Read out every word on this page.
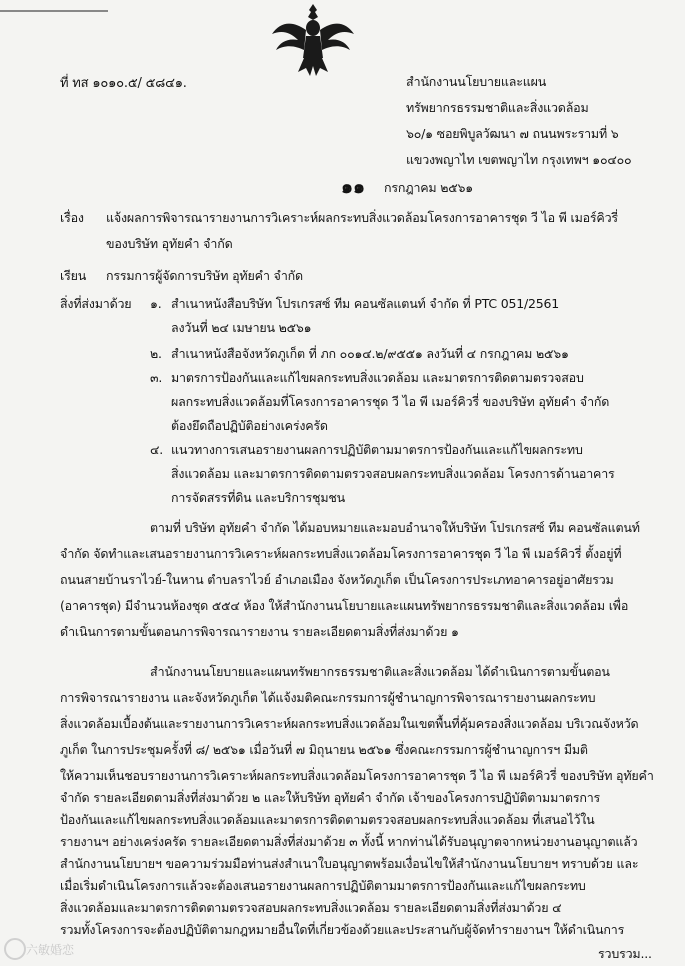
ที่ ทส ๑๐๑๐.๕/ ๕๘๔๑.	สำนักงานนโยบายและแผน
ทรัพยากรธรรมชาติและสิ่งแวดล้อม
๖๐/๑ ซอยพิบูลวัฒนา ๗ ถนนพระรามที่ ๖
แขวงพญาไท เขตพญาไท กรุงเทพฯ ๑๐๔๐๐
๑๑ กรกฎาคม ๒๕๖๑
เรื่อง แจ้งผลการพิจารณารายงานการวิเคราะห์ผลกระทบสิ่งแวดล้อมโครงการอาคารชุด วี ไอ พี เมอร์คิวรี่
ของบริษัท อุทัยคำ จำกัด
เรียน กรรมการผู้จัดการบริษัท อุทัยคำ จำกัด
สิ่งที่ส่งมาด้วย ๑. สำเนาหนังสือบริษัท โปรเกรสซ์ ทีม คอนซัลแตนท์ จำกัด ที่ PTC 051/2561
ลงวันที่ ๒๔ เมษายน ๒๕๖๑
๒. สำเนาหนังสือจังหวัดภูเก็ต ที่ ภก ๐๐๑๔.๒/๙๕๕๑ ลงวันที่ ๔ กรกฎาคม ๒๕๖๑
๓. มาตรการป้องกันและแก้ไขผลกระทบสิ่งแวดล้อม และมาตรการติดตามตรวจสอบ
ผลกระทบสิ่งแวดล้อมที่โครงการอาคารชุด วี ไอ พี เมอร์คิวรี่ ของบริษัท อุทัยคำ จำกัด
ต้องยึดถือปฏิบัติอย่างเคร่งครัด
๔. แนวทางการเสนอรายงานผลการปฏิบัติตามมาตรการป้องกันและแก้ไขผลกระทบ
สิ่งแวดล้อม และมาตรการติดตามตรวจสอบผลกระทบสิ่งแวดล้อม โครงการด้านอาคาร
การจัดสรรที่ดิน และบริการชุมชน
ตามที่ บริษัท อุทัยคำ จำกัด ได้มอบหมายและมอบอำนาจให้บริษัท โปรเกรสซ์ ทีม คอนซัลแตนท์
จำกัด จัดทำและเสนอรายงานการวิเคราะห์ผลกระทบสิ่งแวดล้อมโครงการอาคารชุด วี ไอ พี เมอร์คิวรี่ ตั้งอยู่ที่
ถนนสายบ้านราไวย์-ในหาน ตำบลราไวย์ อำเภอเมือง จังหวัดภูเก็ต เป็นโครงการประเภทอาคารอยู่อาศัยรวม
(อาคารชุด) มีจำนวนห้องชุด ๕๕๔ ห้อง ให้สำนักงานนโยบายและแผนทรัพยากรธรรมชาติและสิ่งแวดล้อม เพื่อ
ดำเนินการตามขั้นตอนการพิจารณารายงาน รายละเอียดตามสิ่งที่ส่งมาด้วย ๑
สำนักงานนโยบายและแผนทรัพยากรธรรมชาติและสิ่งแวดล้อม ได้ดำเนินการตามขั้นตอน
การพิจารณารายงาน และจังหวัดภูเก็ต ได้แจ้งมติคณะกรรมการผู้ชำนาญการพิจารณารายงานผลกระทบ
สิ่งแวดล้อมเบื้องต้นและรายงานการวิเคราะห์ผลกระทบสิ่งแวดล้อมในเขตพื้นที่คุ้มครองสิ่งแวดล้อม บริเวณจังหวัด
ภูเก็ต ในการประชุมครั้งที่ ๘/ ๒๕๖๑ เมื่อวันที่ ๗ มิถุนายน ๒๕๖๑ ซึ่งคณะกรรมการผู้ชำนาญการฯ มีมติ
ให้ความเห็นชอบรายงานการวิเคราะห์ผลกระทบสิ่งแวดล้อมโครงการอาคารชุด วี ไอ พี เมอร์คิวรี่ ของบริษัท อุทัยคำ
จำกัด รายละเอียดตามสิ่งที่ส่งมาด้วย ๒ และให้บริษัท อุทัยคำ จำกัด เจ้าของโครงการปฏิบัติตามมาตรการ
ป้องกันและแก้ไขผลกระทบสิ่งแวดล้อมและมาตรการติดตามตรวจสอบผลกระทบสิ่งแวดล้อม ที่เสนอไว้ใน
รายงานฯ อย่างเคร่งครัด รายละเอียดตามสิ่งที่ส่งมาด้วย ๓ ทั้งนี้ หากท่านได้รับอนุญาตจากหน่วยงานอนุญาตแล้ว
สำนักงานนโยบายฯ ขอความร่วมมือท่านส่งสำเนาใบอนุญาตพร้อมเงื่อนไขให้สำนักงานนโยบายฯ ทราบด้วย และ
เมื่อเริ่มดำเนินโครงการแล้วจะต้องเสนอรายงานผลการปฏิบัติตามมาตรการป้องกันและแก้ไขผลกระทบ
สิ่งแวดล้อมและมาตรการติดตามตรวจสอบผลกระทบสิ่งแวดล้อม รายละเอียดตามสิ่งที่ส่งมาด้วย ๔
รวมทั้งโครงการจะต้องปฏิบัติตามกฎหมายอื่นใดที่เกี่ยวข้องด้วยและประสานกับผู้จัดทำรายงานฯ ให้ดำเนินการ
รวบรวม...
六敏婚恋
